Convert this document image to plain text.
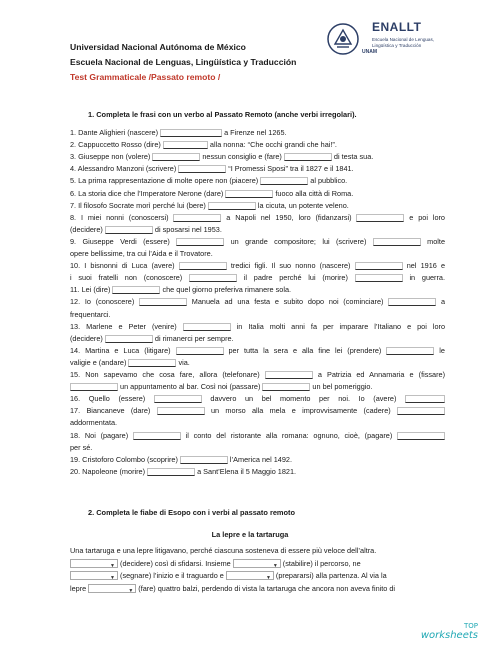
Universidad Nacional Autónoma de México
Escuela Nacional de Lenguas, Lingüística y Traducción
Test Grammaticale /Passato remoto /
ENALLT
Escuela Nacional de Lenguas, Lingüística y Traducción
UNAM
1. Completa le frasi con un verbo al Passato Remoto (anche verbi irregolari).
1. Dante Alighieri (nascere)	a Firenze nel 1265.
2. Cappuccetto Rosso (dire)	alla nonna: “Che occhi grandi che hai!”.
3. Giuseppe non (volere)	nessun consiglio e (fare)	di testa sua.
4. Alessandro Manzoni (scrivere)	“I Promessi Sposi” tra il 1827 e il 1841.
5. La prima rappresentazione di molte opere non (piacere)	al pubblico.
6. La storia dice che l’Imperatore Nerone (dare)	fuoco alla città di Roma.
7. Il filosofo Socrate morì perché lui (bere)	la cicuta, un potente veleno.
8. I miei nonni (conoscersi)	a Napoli nel 1950, loro (fidanzarsi)	e poi loro
(decidere)	di sposarsi nel 1953.
9. Giuseppe Verdi (essere)	un grande compositore; lui (scrivere)	molte
opere bellissime, tra cui l’Aida e il Trovatore.
10. I bisnonni di Luca (avere)	tredici figli. Il suo nonno (nascere)	nel 1916 e
i suoi fratelli non (conoscere)	il padre perché lui (morire)	in guerra.
11. Lei (dire)	che quel giorno preferiva rimanere sola.
12. Io (conoscere)	Manuela ad una festa e subito dopo noi (cominciare)	a
frequentarci.
13. Marlene e Peter (venire)	in Italia molti anni fa per imparare l’Italiano e poi loro
(decidere)	di rimanerci per sempre.
14. Martina e Luca (litigare)	per tutta la sera e alla fine lei (prendere)	le
valigie e (andare)	via.
15. Non sapevamo che cosa fare, allora (telefonare)	a Patrizia ed Annamaria e (fissare)
un appuntamento al bar. Così noi (passare)	un bel pomeriggio.
16. Quello (essere)	davvero un bel momento per noi. Io (avere)
17. Biancaneve (dare)	un morso alla mela e improvvisamente (cadere)
addormentata.
18. Noi (pagare)	il conto del ristorante alla romana: ognuno, cioè, (pagare)
per sé.
19. Cristoforo Colombo (scoprire)	l’America nel 1492.
20. Napoleone (morire)	a Sant’Elena il 5 Maggio 1821.
2. Completa le fiabe di Esopo con i verbi al passato remoto
La lepre e la tartaruga
Una tartaruga e una lepre litigavano, perché ciascuna sosteneva di essere più veloce dell’altra.
▼ (decidere) così di sfidarsi. Insieme	▼ (stabilire) il percorso, ne
▼ (segnare) l’inizio e il traguardo e	▼ (prepararsi) alla partenza. Al via la
lepre	▼ (fare) quattro balzi, perdendo di vista la tartaruga che ancora non aveva finito di
TOP
worksheets
